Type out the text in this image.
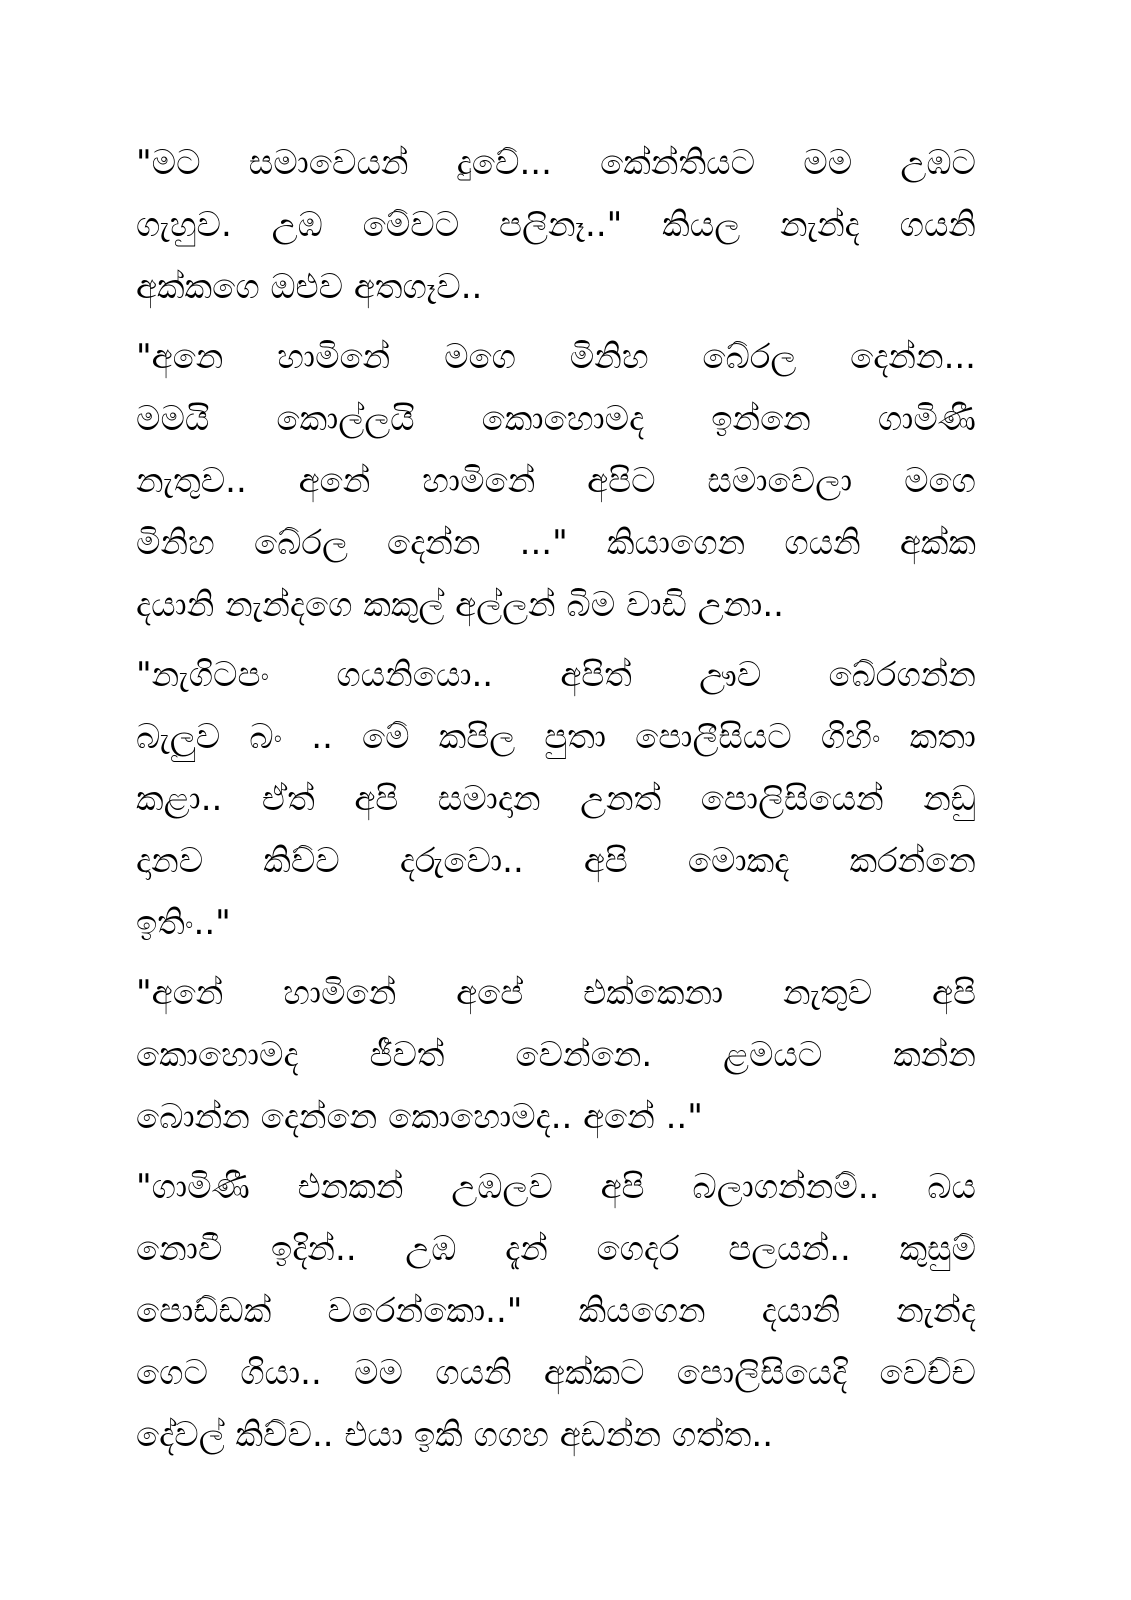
"මට සමාවෙයන් දුවේ... කේන්තියට මම උඹට
ගැහුව. උඹ මේවට පලිනෑ.." කියල නැන්ද ගයනි
අක්කගෙ ඔළුව අතගෑව..
"අනෙ හාමිනේ මගෙ මිනිහ බේරල දෙන්න...
මමයි කොල්ලයි කොහොමද ඉන්නෙ ගාමිණී
නැතුව.. අනේ හාමිනේ අපිට සමාවෙලා මගෙ
මිනිහ බේරල දෙන්න ..." කියාගෙන ගයනි අක්ක
දයානි නැන්දගෙ කකුල් අල්ලන් බිම වාඩි උනා..
"නැගිටපං ගයනියො.. අපිත් ඌව බේරගන්න
බැලුව බං .. මේ කපිල පුතා පොලීසියට ගිහිං කතා
කළා.. ඒත් අපි සමාදාන උනත් පොලිසියෙන් නඩු
දානව කිව්ව දරුවො.. අපි මොකද කරන්නෙ
ඉතිං.."
"අනේ හාමිනේ අපේ එක්කෙනා නැතුව අපි
කොහොමද ජීවත් වෙන්නෙ. ළමයට කන්න
බොන්න දෙන්නෙ කොහොමද.. අනේ .."
"ගාමිණී එනකන් උඹලව අපි බලාගන්නම්.. බය
නොවී ඉදින්.. උඹ දැන් ගෙදර පලයන්.. කුසුම්
පොඩ්ඩක් වරෙන්කො.." කියගෙන දයානි නැන්ද
ගෙට ගියා.. මම ගයනි අක්කට පොලිසියෙදි වෙච්ච
දේවල් කිව්ව.. එයා ඉකි ගගහ අඩන්න ගත්ත..
